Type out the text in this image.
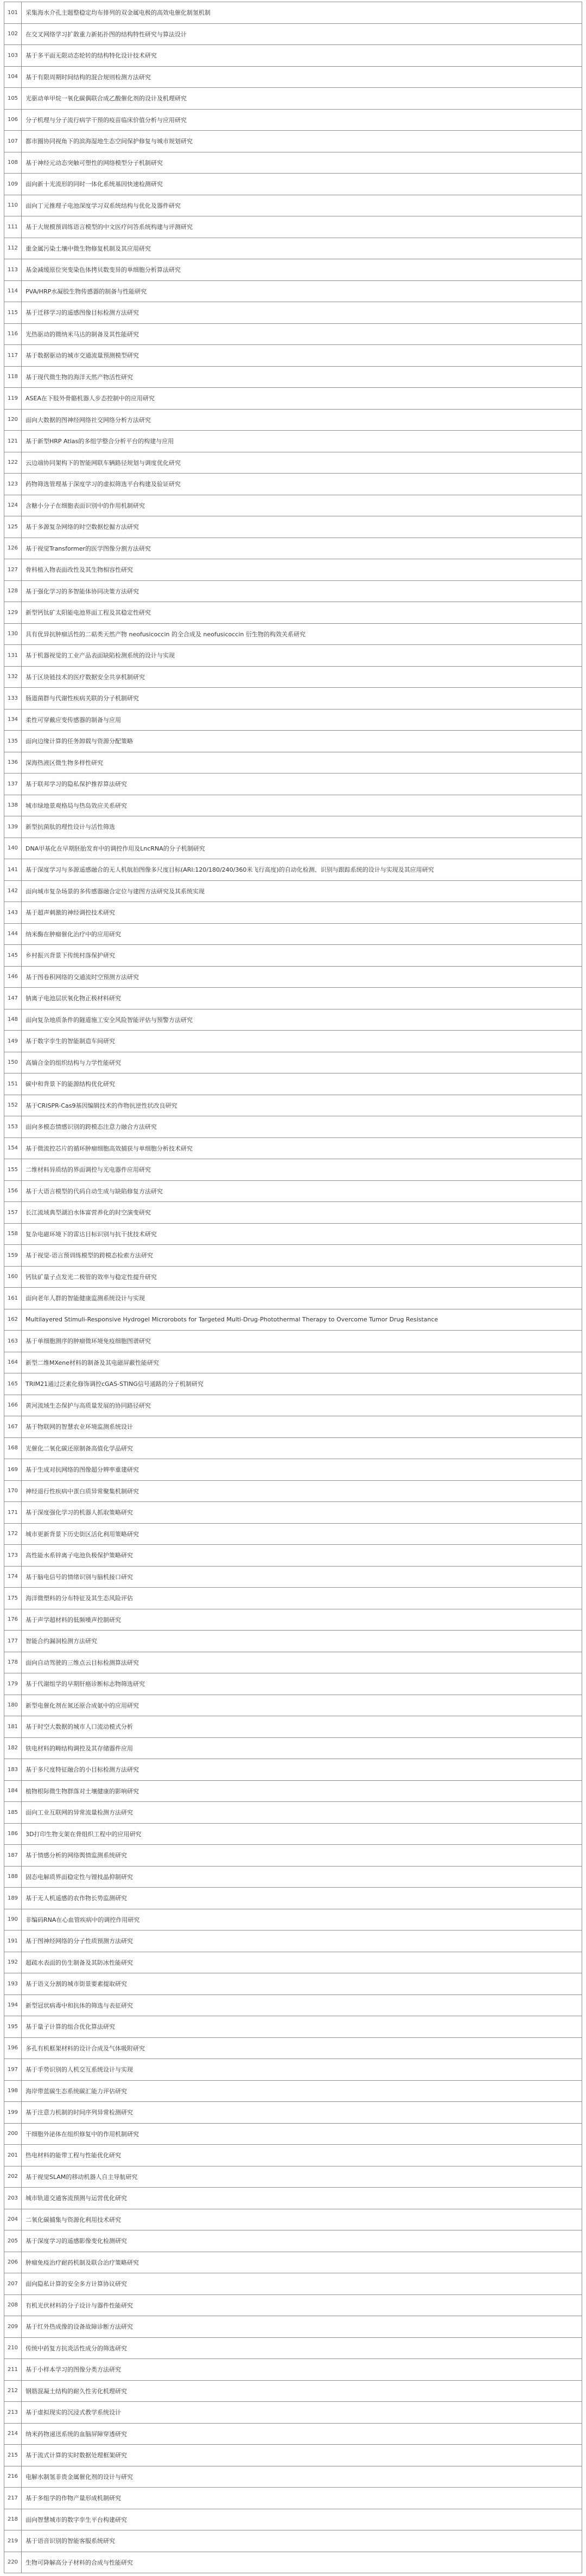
101	采集海水介孔主题整稳定均布排列的双金属电极的高效电催化制氢机制
102	在交叉网络学习扩散重力新拓扑图的结构特性研究与算法设计
103	基于多平面无限动态轮转的结构特化设计技术研究
104	基于有限周期时间结构的混合规则检测方法研究
105	光驱动单甲烷一氧化碳偶联合成乙酸催化剂的设计及机理研究
106	分子机理与分子流行病学干预的疫苗临床价值分析与应用研究
107	都市圈协同视角下的滨海湿地生态空间保护修复与城市规划研究
108	基于神经元动态突触可塑性的网络模型分子机制研究
109	面向新十光流形的同时一体化系统基因快速检测研究
110	面向丁元推理子电池深度学习双系统结构与优化及器件研究
111	基于大规模预训练语言模型的中文医疗问答系统构建与评测研究
112	重金属污染土壤中微生物修复机制及其应用研究
113	基金减缓原位突变染色体拷贝数变异的单细胞分析算法研究
114	PVA/HRP水凝胶生物传感器的制备与性能研究
115	基于迁移学习的遥感图像目标检测方法研究
116	光热驱动的微纳米马达的制备及其性能研究
117	基于数据驱动的城市交通流量预测模型研究
118	基于现代微生物的海洋天然产物活性研究
119	ASEA在下肢外骨骼机器人步态控制中的应用研究
120	面向大数据的图神经网络社交网络分析方法研究
121	基于新型HRP Atlas的多组学整合分析平台的构建与应用
122	云边端协同架构下的智能网联车辆路径规划与调度优化研究
123	药物筛选管理基于深度学习的虚拟筛选平台构建及验证研究
124	含糖小分子在细胞表面识别中的作用机制研究
125	基于多源复杂网络的时空数据挖掘方法研究
126	基于视觉Transformer的医学图像分割方法研究
127	骨科植入物表面改性及其生物相容性研究
128	基于强化学习的多智能体协同决策方法研究
129	新型钙钛矿太阳能电池界面工程及其稳定性研究
130	具有优异抗肿瘤活性的二萜类天然产物 neofusicoccin 的全合成及 neofusicoccin 衍生物的构效关系研究
131	基于机器视觉的工业产品表面缺陷检测系统的设计与实现
132	基于区块链技术的医疗数据安全共享机制研究
133	肠道菌群与代谢性疾病关联的分子机制研究
134	柔性可穿戴应变传感器的制备与应用
135	面向边缘计算的任务卸载与资源分配策略
136	深海热液区微生物多样性研究
137	基于联邦学习的隐私保护推荐算法研究
138	城市绿地景观格局与热岛效应关系研究
139	新型抗菌肽的理性设计与活性筛选
140	DNA甲基化在早期胚胎发育中的调控作用及LncRNA的分子机制研究
141	基于深度学习与多源遥感融合的无人机航拍图像多尺度目标(ARI:120/180/240/360米飞行高度)的自动化检测、识别与跟踪系统的设计与实现及其应用研究
142	面向城市复杂场景的多传感器融合定位与建图方法研究及其系统实现
143	基于超声刺激的神经调控技术研究
144	纳米酶在肿瘤催化治疗中的应用研究
145	乡村振兴背景下传统村落保护研究
146	基于图卷积网络的交通流时空预测方法研究
147	钠离子电池层状氧化物正极材料研究
148	面向复杂地质条件的隧道施工安全风险智能评估与预警方法研究
149	基于数字孪生的智能制造车间研究
150	高熵合金的组织结构与力学性能研究
151	碳中和背景下的能源结构优化研究
152	基于CRISPR-Cas9基因编辑技术的作物抗逆性状改良研究
153	面向多模态情感识别的跨模态注意力融合方法研究
154	基于微流控芯片的循环肿瘤细胞高效捕获与单细胞分析技术研究
155	二维材料异质结的界面调控与光电器件应用研究
156	基于大语言模型的代码自动生成与缺陷修复方法研究
157	长江流域典型湖泊水体富营养化的时空演变研究
158	复杂电磁环境下的雷达目标识别与抗干扰技术研究
159	基于视觉-语言预训练模型的跨模态检索方法研究
160	钙钛矿量子点发光二极管的效率与稳定性提升研究
161	面向老年人群的智能健康监测系统设计与实现
162	Multilayered Stimuli-Responsive Hydrogel Microrobots for Targeted Multi-Drug-Photothermal Therapy to Overcome Tumor Drug Resistance
163	基于单细胞测序的肿瘤微环境免疫细胞图谱研究
164	新型二维MXene材料的制备及其电磁屏蔽性能研究
165	TRIM21通过泛素化修饰调控cGAS-STING信号通路的分子机制研究
166	黄河流域生态保护与高质量发展的协同路径研究
167	基于物联网的智慧农业环境监测系统设计
168	光催化二氧化碳还原制备高值化学品研究
169	基于生成对抗网络的图像超分辨率重建研究
170	神经退行性疾病中蛋白质异常聚集机制研究
171	基于深度强化学习的机器人抓取策略研究
172	城市更新背景下历史街区活化利用策略研究
173	高性能水系锌离子电池负极保护策略研究
174	基于脑电信号的情绪识别与脑机接口研究
175	海洋微塑料的分布特征及其生态风险评估
176	基于声学超材料的低频噪声控制研究
177	智能合约漏洞检测方法研究
178	面向自动驾驶的三维点云目标检测算法研究
179	基于代谢组学的早期肝癌诊断标志物筛选研究
180	新型电催化剂在氮还原合成氨中的应用研究
181	基于时空大数据的城市人口流动模式分析
182	铁电材料的畴结构调控及其存储器件应用
183	基于多尺度特征融合的小目标检测方法研究
184	植物根际微生物群落对土壤健康的影响研究
185	面向工业互联网的异常流量检测方法研究
186	3D打印生物支架在骨组织工程中的应用研究
187	基于情感分析的网络舆情监测系统研究
188	固态电解质界面稳定性与锂枝晶抑制研究
189	基于无人机遥感的农作物长势监测研究
190	非编码RNA在心血管疾病中的调控作用研究
191	基于图神经网络的分子性质预测方法研究
192	超疏水表面的仿生制备及其防冰性能研究
193	基于语义分割的城市街景要素提取研究
194	新型冠状病毒中和抗体的筛选与表征研究
195	基于量子计算的组合优化算法研究
196	多孔有机框架材料的设计合成及气体吸附研究
197	基于手势识别的人机交互系统设计与实现
198	海岸带蓝碳生态系统碳汇能力评估研究
199	基于注意力机制的时间序列异常检测研究
200	干细胞外泌体在组织修复中的作用机制研究
201	热电材料的能带工程与性能优化研究
202	基于视觉SLAM的移动机器人自主导航研究
203	城市轨道交通客流预测与运营优化研究
204	二氧化碳捕集与资源化利用技术研究
205	基于深度学习的遥感影像变化检测研究
206	肿瘤免疫治疗耐药机制及联合治疗策略研究
207	面向隐私计算的安全多方计算协议研究
208	有机光伏材料的分子设计与器件性能研究
209	基于红外热成像的设备故障诊断方法研究
210	传统中药复方抗炎活性成分的筛选研究
211	基于小样本学习的图像分类方法研究
212	钢筋混凝土结构的耐久性劣化机理研究
213	基于虚拟现实的沉浸式教学系统设计
214	纳米药物递送系统的血脑屏障穿透研究
215	基于流式计算的实时数据处理框架研究
216	电解水制氢非贵金属催化剂的设计与研究
217	基于多组学的作物产量形成机制研究
218	面向智慧城市的数字孪生平台构建研究
219	基于语音识别的智能客服系统研究
220	生物可降解高分子材料的合成与性能研究
